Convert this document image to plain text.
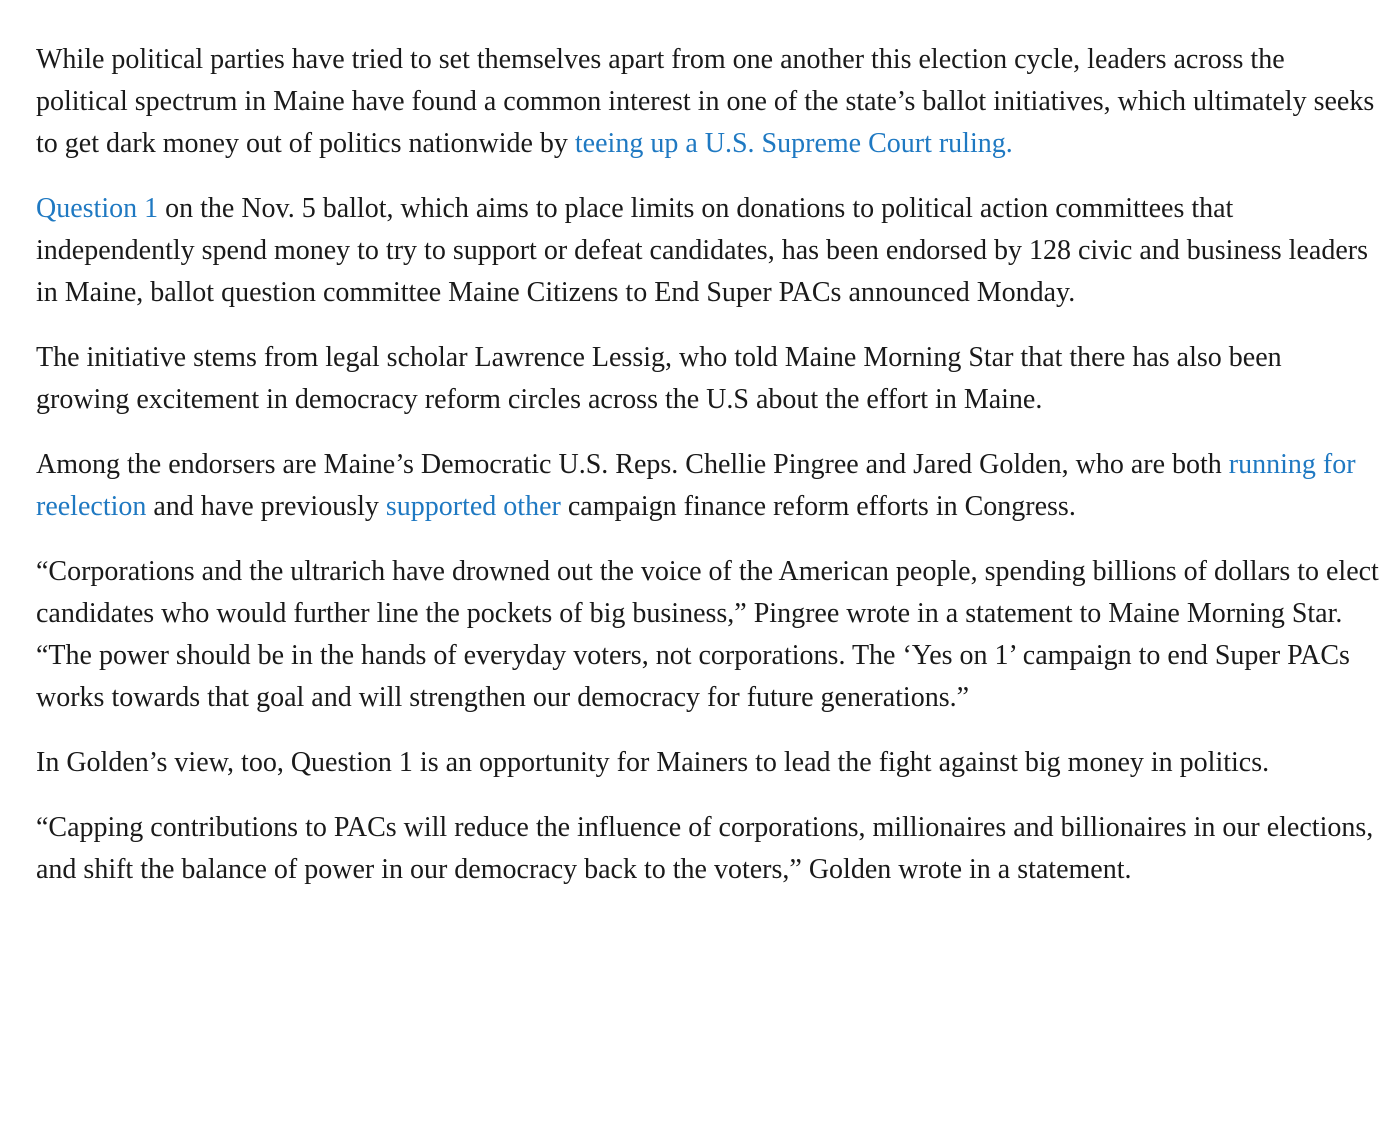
While political parties have tried to set themselves apart from one another this election cycle, leaders across the political spectrum in Maine have found a common interest in one of the state’s ballot initiatives, which ultimately seeks to get dark money out of politics nationwide by teeing up a U.S. Supreme Court ruling.

Question 1 on the Nov. 5 ballot, which aims to place limits on donations to political action committees that independently spend money to try to support or defeat candidates, has been endorsed by 128 civic and business leaders in Maine, ballot question committee Maine Citizens to End Super PACs announced Monday.

The initiative stems from legal scholar Lawrence Lessig, who told Maine Morning Star that there has also been growing excitement in democracy reform circles across the U.S about the effort in Maine.

Among the endorsers are Maine’s Democratic U.S. Reps. Chellie Pingree and Jared Golden, who are both running for reelection and have previously supported other campaign finance reform efforts in Congress.

“Corporations and the ultrarich have drowned out the voice of the American people, spending billions of dollars to elect candidates who would further line the pockets of big business,” Pingree wrote in a statement to Maine Morning Star. “The power should be in the hands of everyday voters, not corporations. The ‘Yes on 1’ campaign to end Super PACs works towards that goal and will strengthen our democracy for future generations.”

In Golden’s view, too, Question 1 is an opportunity for Mainers to lead the fight against big money in politics.

“Capping contributions to PACs will reduce the influence of corporations, millionaires and billionaires in our elections, and shift the balance of power in our democracy back to the voters,” Golden wrote in a statement.
